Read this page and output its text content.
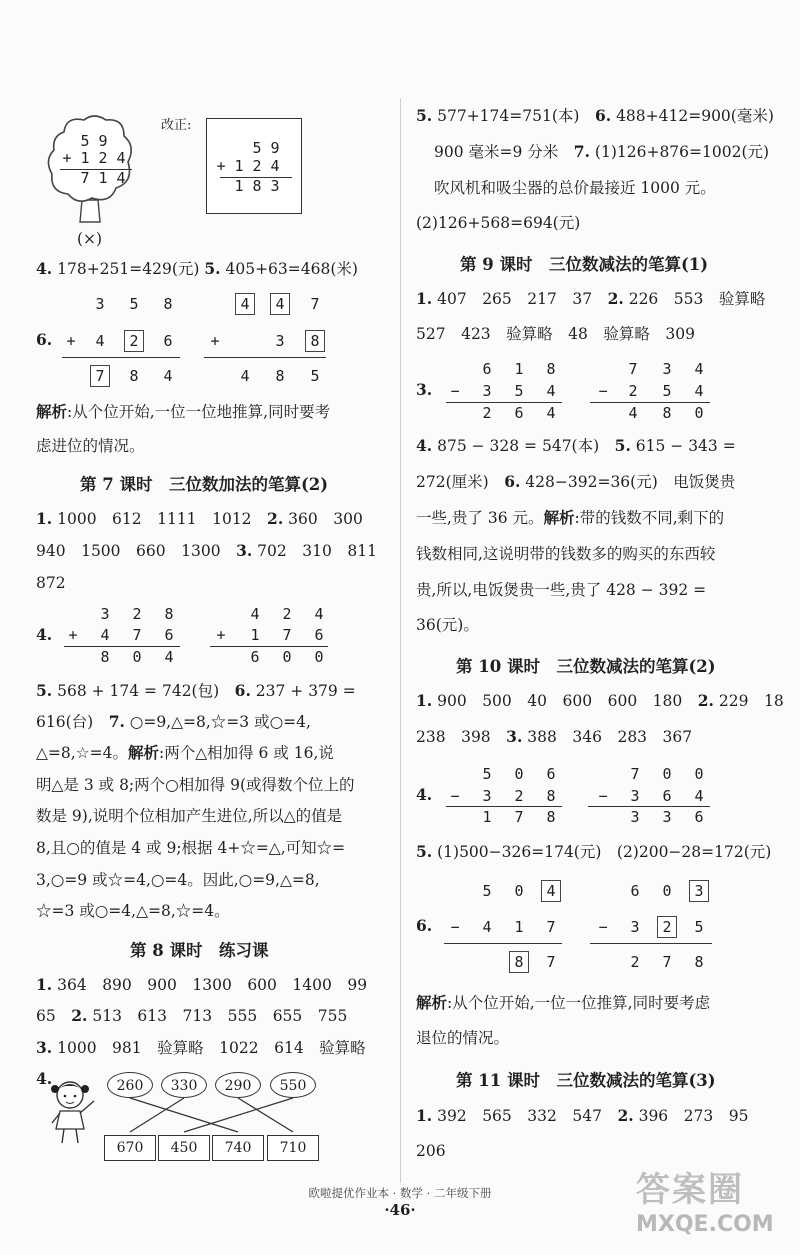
5 9
+ 1 2 4
7 1 4
(×)
改正:
5 9
+ 1 2 4
1 8 3
4. 178+251=429(元) 5. 405+63=468(米)
6.
3 5 8
+ 4 2 6
7 8 4
4 4 7
+	3 8
4 8 5
解析:从个位开始,一位一位地推算,同时要考
虑进位的情况。
第 7 课时　三位数加法的笔算(2)
1. 1000　612　1111　1012　2. 360　300
940　1500　660　1300　3. 702　310　811
872
4.
3 2 8
+ 4 7 6
8 0 4
4 2 4
+ 1 7 6
6 0 0
5. 568 + 174 = 742(包)　6. 237 + 379 =
616(台)　7. ○=9,△=8,☆=3 或○=4,
△=8,☆=4。解析:两个△相加得 6 或 16,说
明△是 3 或 8;两个○相加得 9(或得数个位上的
数是 9),说明个位相加产生进位,所以△的值是
8,且○的值是 4 或 9;根据 4+☆=△,可知☆=
3,○=9 或☆=4,○=4。因此,○=9,△=8,
☆=3 或○=4,△=8,☆=4。
第 8 课时　练习课
1. 364　890　900　1300　600　1400　99
65　2. 513　613　713　555　655　755
3. 1000　981　验算略　1022　614　验算略
4.	260	330	290	550
670	450	740	710
5. 577+174=751(本)　6. 488+412=900(毫米)
900 毫米=9 分米　7. (1)126+876=1002(元)
吹风机和吸尘器的总价最接近 1000 元。
(2)126+568=694(元)
第 9 课时　三位数减法的笔算(1)
1. 407　265　217　37　2. 226　553　验算略
527　423　验算略　48　验算略　309
3.
6 1 8
− 3 5 4
2 6 4
7 3 4
− 2 5 4
4 8 0
4. 875 − 328 = 547(本)　5. 615 − 343 =
272(厘米)　6. 428−392=36(元)　电饭煲贵
一些,贵了 36 元。解析:带的钱数不同,剩下的
钱数相同,这说明带的钱数多的购买的东西较
贵,所以,电饭煲贵一些,贵了 428 − 392 =
36(元)。
第 10 课时　三位数减法的笔算(2)
1. 900　500　40　600　600　180　2. 229　18
238　398　3. 388　346　283　367
4.
5 0 6
− 3 2 8
1 7 8
7 0 0
− 3 6 4
3 3 6
5. (1)500−326=174(元)　(2)200−28=172(元)
6.
5 0 4
− 4 1 7
8 7
6 0 3
− 3 2 5
2 7 8
解析:从个位开始,一位一位推算,同时要考虑
退位的情况。
第 11 课时　三位数减法的笔算(3)
1. 392　565　332　547　2. 396　273　95
206
欧啦提优作业本 · 数学 · 二年级下册
·46·	答案圈
MXQE.COM
